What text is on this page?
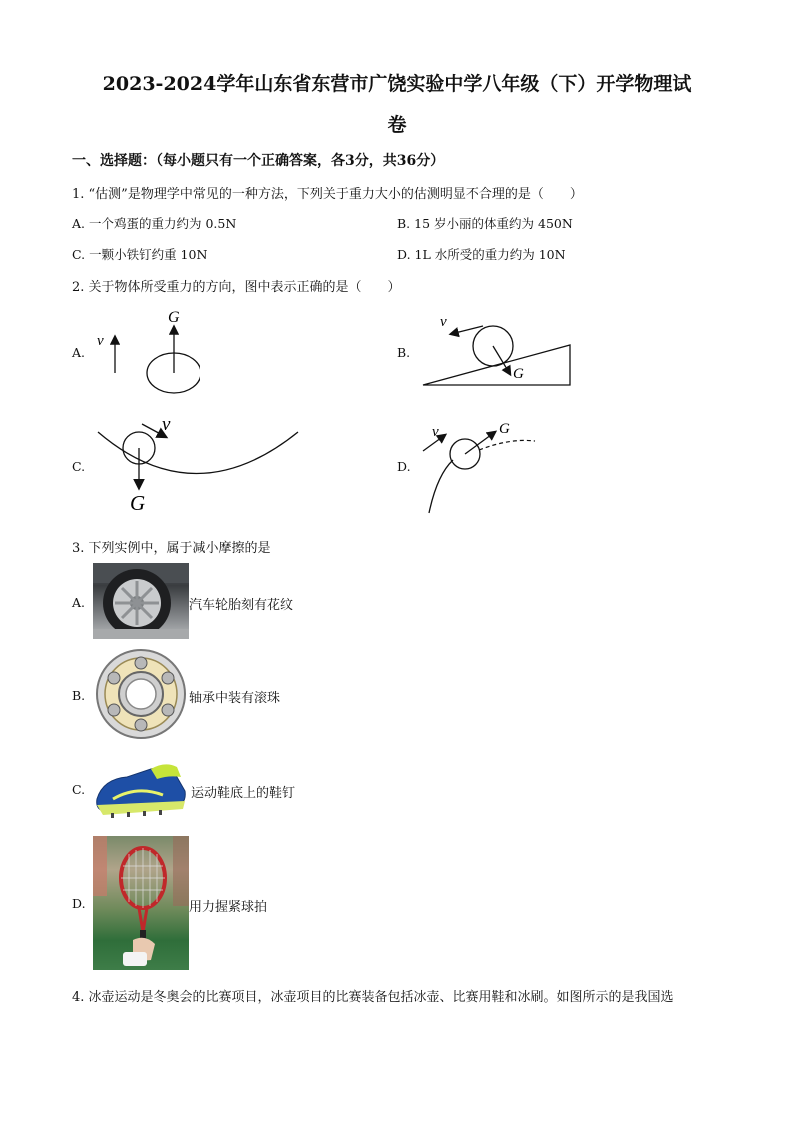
2023-2024学年山东省东营市广饶实验中学八年级（下）开学物理试
卷
一、选择题：（每小题只有一个正确答案，各3分，共36分）
1. “估测”是物理学中常见的一种方法，下列关于重力大小的估测明显不合理的是（　　）
A. 一个鸡蛋的重力约为 0.5N	B. 15 岁小丽的体重约为 450N
C. 一颗小铁钉约重 10N	D. 1L 水所受的重力约为 10N
2. 关于物体所受重力的方向，图中表示正确的是（　　）
A.	B.
C.	D.
v
G	v
G
v
G
v	G
3. 下列实例中，属于减小摩擦的是
A.	汽车轮胎刻有花纹
B.	轴承中装有滚珠
C.	运动鞋底上的鞋钉
D.	用力握紧球拍
4. 冰壶运动是冬奥会的比赛项目，冰壶项目的比赛装备包括冰壶、比赛用鞋和冰刷。如图所示的是我国选
